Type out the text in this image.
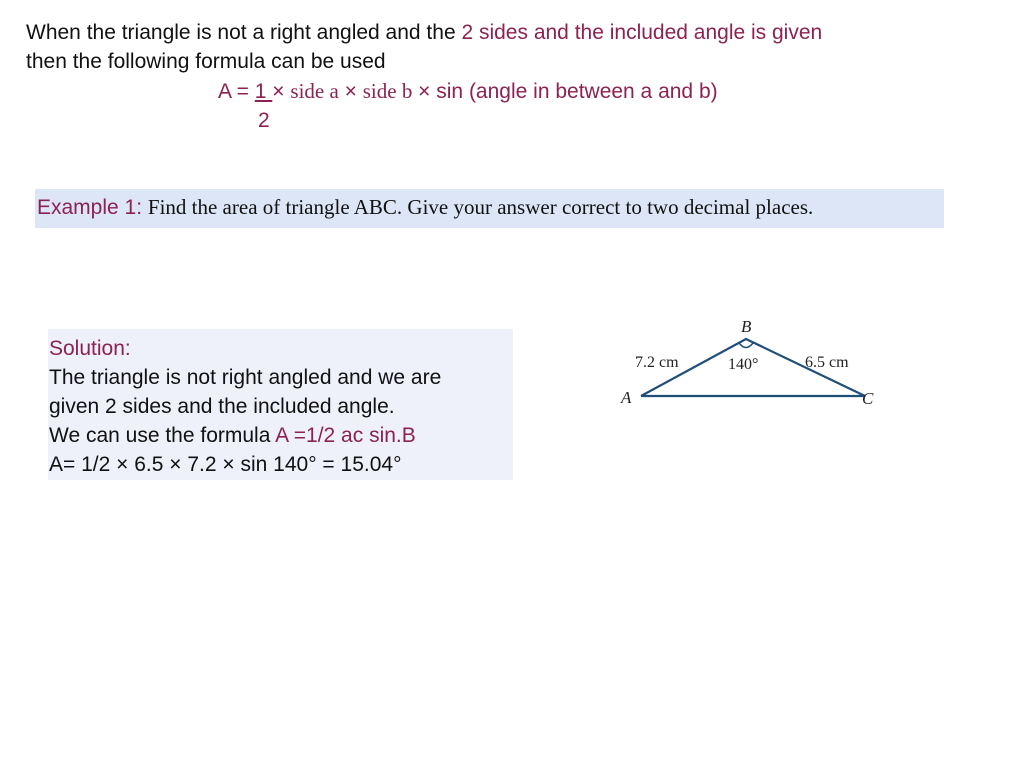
When the triangle is not a right angled and the 2 sides and the included angle is given
then the following formula can be used
A = 1 × side a × side b × sin (angle in between a and b)
2
Example 1: Find the area of triangle ABC. Give your answer correct to two decimal places.
Solution:
The triangle is not right angled and we are
given 2 sides and the included angle.
We can use the formula A =1/2 ac sin.B
A= 1/2 × 6.5 × 7.2 × sin 140° = 15.04°
A
B
C
7.2 cm	6.5 cm
140°
